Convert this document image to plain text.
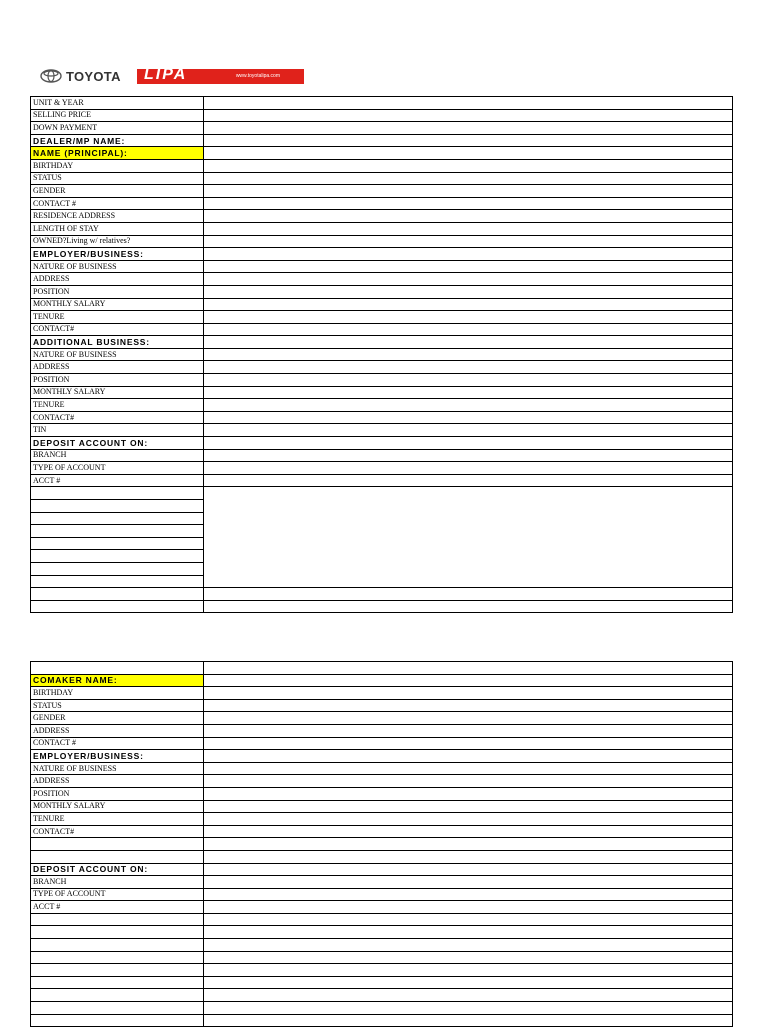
TOYOTA LIPA	www.toyotalipa.com
UNIT & YEAR	
SELLING PRICE	
DOWN PAYMENT	
DEALER/MP NAME:	
NAME (PRINCIPAL):	
BIRTHDAY	
STATUS	
GENDER	
CONTACT #	
RESIDENCE ADDRESS	
LENGTH OF STAY	
OWNED?Living w/ relatives?	
EMPLOYER/BUSINESS:	
NATURE OF BUSINESS	
ADDRESS	
POSITION	
MONTHLY SALARY	
TENURE	
CONTACT#	
ADDITIONAL BUSINESS:	
NATURE OF BUSINESS	
ADDRESS	
POSITION	
MONTHLY SALARY	
TENURE	
CONTACT#	
TIN	
DEPOSIT ACCOUNT ON:	
BRANCH	
TYPE OF ACCOUNT	
ACCT #	

COMAKER NAME:	
BIRTHDAY	
STATUS	
GENDER	
ADDRESS	
CONTACT #	
EMPLOYER/BUSINESS:	
NATURE OF BUSINESS	
ADDRESS	
POSITION	
MONTHLY SALARY	
TENURE	
CONTACT#	

DEPOSIT ACCOUNT ON:	
BRANCH	
TYPE OF ACCOUNT	
ACCT #	
